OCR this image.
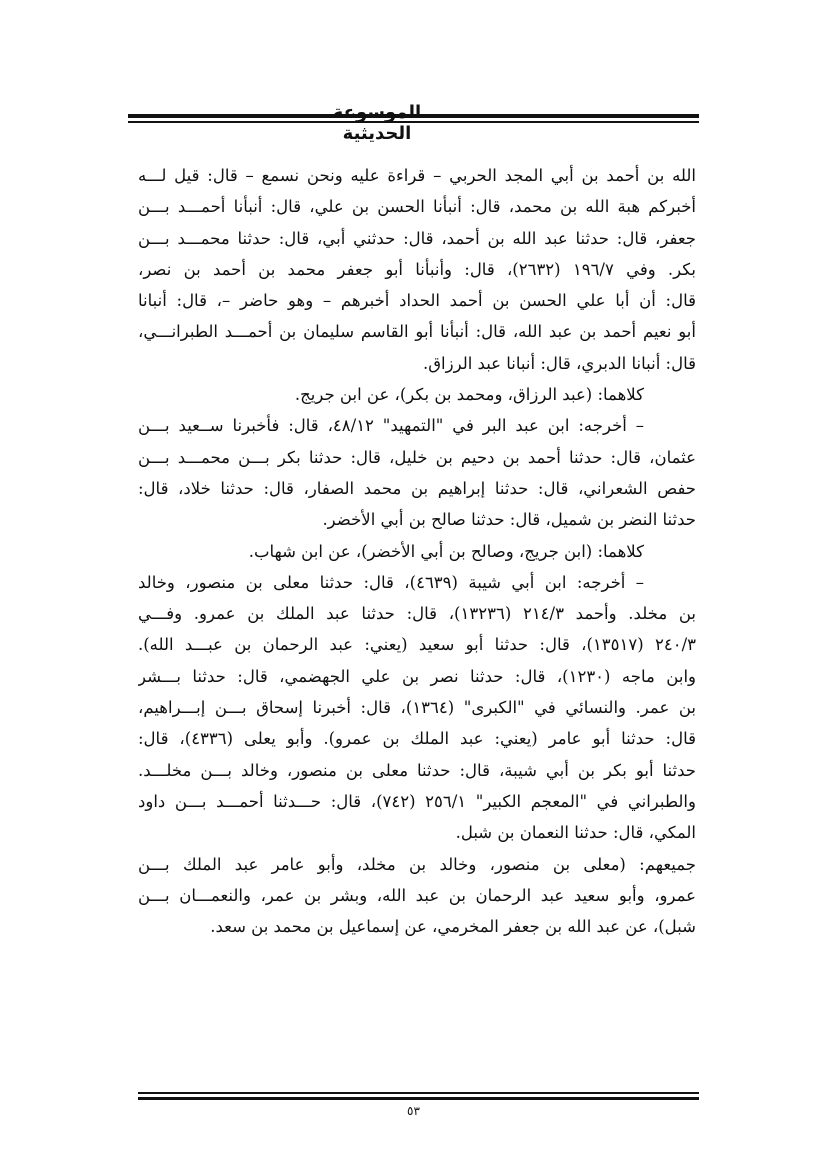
الموسوعة الحديثية
الله بن أحمد بن أبي المجد الحربي – قراءة عليه ونحن نسمع – قال: قيل لـــه
أخبركم هبة الله بن محمد، قال: أنبأنا الحسن بن علي، قال: أنبأنا أحمـــد بـــن
جعفر، قال: حدثنا عبد الله بن أحمد، قال: حدثني أبي، قال: حدثنا محمـــد بـــن
بكر. وفي ١٩٦/٧ (٢٦٣٢)، قال: وأنبأنا أبو جعفر محمد بن أحمد بن نصر،
قال: أن أبا علي الحسن بن أحمد الحداد أخبرهم – وهو حاضر –، قال: أنبانا
أبو نعيم أحمد بن عبد الله، قال: أنبأنا أبو القاسم سليمان بن أحمـــد الطبرانـــي،
قال: أنبانا الدبري، قال: أنبانا عبد الرزاق.
كلاهما: (عبد الرزاق، ومحمد بن بكر)، عن ابن جريج.
– أخرجه: ابن عبد البر في "التمهيد" ٤٨/١٢، قال: فأخبرنا ســعيد بـــن
عثمان، قال: حدثنا أحمد بن دحيم بن خليل، قال: حدثنا بكر بـــن محمـــد بـــن
حفص الشعراني، قال: حدثنا إبراهيم بن محمد الصفار، قال: حدثنا خلاد، قال:
حدثنا النضر بن شميل، قال: حدثنا صالح بن أبي الأخضر.
كلاهما: (ابن جريج، وصالح بن أبي الأخضر)، عن ابن شهاب.
– أخرجه: ابن أبي شيبة (٤٦٣٩)، قال: حدثنا معلى بن منصور، وخالد
بن مخلد. وأحمد ٢١٤/٣ (١٣٢٣٦)، قال: حدثنا عبد الملك بن عمرو. وفـــي
٢٤٠/٣ (١٣٥١٧)، قال: حدثنا أبو سعيد (يعني: عبد الرحمان بن عبـــد الله).
وابن ماجه (١٢٣٠)، قال: حدثنا نصر بن علي الجهضمي، قال: حدثنا بـــشر
بن عمر. والنسائي في "الكبرى" (١٣٦٤)، قال: أخبرنا إسحاق بـــن إبـــراهيم،
قال: حدثنا أبو عامر (يعني: عبد الملك بن عمرو). وأبو يعلى (٤٣٣٦)، قال:
حدثنا أبو بكر بن أبي شيبة، قال: حدثنا معلى بن منصور، وخالد بـــن مخلـــد.
والطبراني في "المعجم الكبير" ٢٥٦/١ (٧٤٢)، قال: حـــدثنا أحمـــد بـــن داود
المكي، قال: حدثنا النعمان بن شبل.
جميعهم: (معلى بن منصور، وخالد بن مخلد، وأبو عامر عبد الملك بـــن
عمرو، وأبو سعيد عبد الرحمان بن عبد الله، وبشر بن عمر، والنعمـــان بـــن
شبل)، عن عبد الله بن جعفر المخرمي، عن إسماعيل بن محمد بن سعد.
٥٣
